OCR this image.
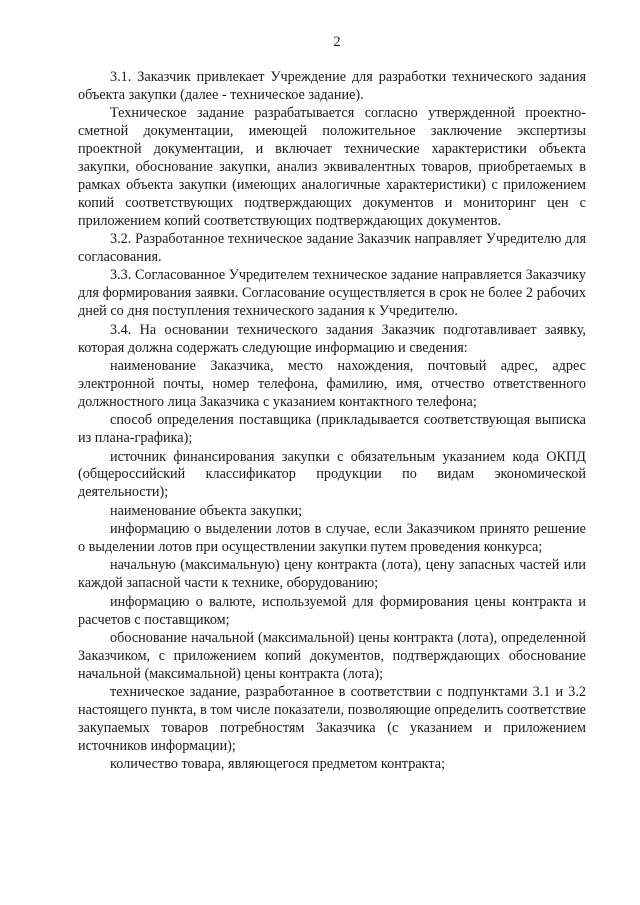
2

3.1. Заказчик привлекает Учреждение для разработки технического задания объекта закупки (далее - техническое задание).

Техническое задание разрабатывается согласно утвержденной проектно-сметной документации, имеющей положительное заключение экспертизы проектной документации, и включает технические характеристики объекта закупки, обоснование закупки, анализ эквивалентных товаров, приобретаемых в рамках объекта закупки (имеющих аналогичные характеристики) с приложением копий соответствующих подтверждающих документов и мониторинг цен с приложением копий соответствующих подтверждающих документов.

3.2. Разработанное техническое задание Заказчик направляет Учредителю для согласования.

3.3. Согласованное Учредителем техническое задание направляется Заказчику для формирования заявки. Согласование осуществляется в срок не более 2 рабочих дней со дня поступления технического задания к Учредителю.

3.4. На основании технического задания Заказчик подготавливает заявку, которая должна содержать следующие информацию и сведения:

наименование Заказчика, место нахождения, почтовый адрес, адрес электронной почты, номер телефона, фамилию, имя, отчество ответственного должностного лица Заказчика с указанием контактного телефона;

способ определения поставщика (прикладывается соответствующая выписка из плана-графика);

источник финансирования закупки с обязательным указанием кода ОКПД (общероссийский классификатор продукции по видам экономической деятельности);

наименование объекта закупки;

информацию о выделении лотов в случае, если Заказчиком принято решение о выделении лотов при осуществлении закупки путем проведения конкурса;

начальную (максимальную) цену контракта (лота), цену запасных частей или каждой запасной части к технике, оборудованию;

информацию о валюте, используемой для формирования цены контракта и расчетов с поставщиком;

обоснование начальной (максимальной) цены контракта (лота), определенной Заказчиком, с приложением копий документов, подтверждающих обоснование начальной (максимальной) цены контракта (лота);

техническое задание, разработанное в соответствии с подпунктами 3.1 и 3.2 настоящего пункта, в том числе показатели, позволяющие определить соответствие закупаемых товаров потребностям Заказчика (с указанием и приложением источников информации);

количество товара, являющегося предметом контракта;
